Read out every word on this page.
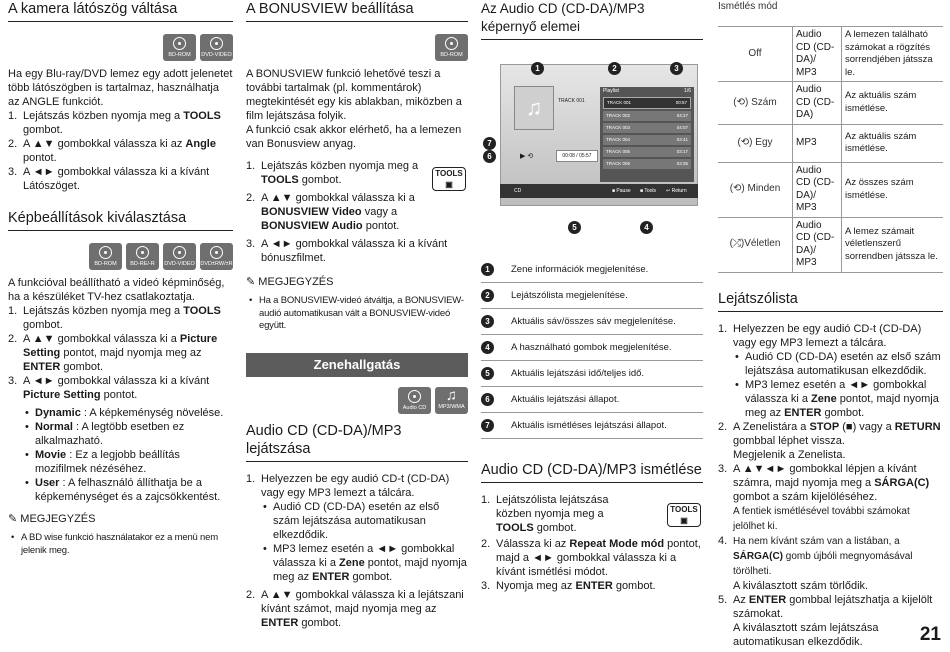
A kamera látószög váltása
BD-ROM DVD-VIDEO

Ha egy Blu-ray/DVD lemez egy adott jelenetet több látószögben is tartalmaz, használhatja az ANGLE funkciót.

1. Lejátszás közben nyomja meg a TOOLS gombot.
2. A ▲▼ gombokkal válassza ki az Angle pontot.
3. A ◄► gombokkal válassza ki a kívánt Látószöget.
Képbeállítások kiválasztása
BD-ROM BD-RE/-R DVD-VIDEO DVD±RW/±R

A funkcióval beállítható a videó képminőség, ha a készüléket TV-hez csatlakoztatja.

1. Lejátszás közben nyomja meg a TOOLS gombot.
2. A ▲▼ gombokkal válassza ki a Picture Setting pontot, majd nyomja meg az ENTER gombot.
3. A ◄► gombokkal válassza ki a kívánt Picture Setting pontot.
• Dynamic : A képkeménység növelése.
• Normal : A legtöbb esetben ez alkalmazható.
• Movie : Ez a legjobb beállítás mozifilmek nézéséhez.
• User : A felhasználó állíthatja be a képkeménységet és a zajcsökkentést.

✎ MEGJEGYZÉS

• A BD wise funkció használatakor ez a menü nem jelenik meg.
A BONUSVIEW beállítása
BD-ROM

A BONUSVIEW funkció lehetővé teszi a további tartalmak (pl. kommentárok) megtekintését egy kis ablakban, miközben a film lejátszása folyik.

A funkció csak akkor elérhető, ha a lemezen van Bonusview anyag.

1. Lejátszás közben nyomja meg a TOOLS gombot.
TOOLS
▣
2. A ▲▼ gombokkal válassza ki a BONUSVIEW Video vagy a BONUSVIEW Audio pontot.
3. A ◄► gombokkal válassza ki a kívánt bónuszfilmet.

✎ MEGJEGYZÉS

• Ha a BONUSVIEW-videó átváltja, a BONUSVIEW-audió automatikusan vált a BONUSVIEW-videó együtt.
Zenehallgatás
Audio CD
♫
MP3/WMA
Audio CD (CD-DA)/MP3 lejátszása
1. Helyezzen be egy audió CD-t (CD-DA) vagy egy MP3 lemezt a tálcára.
• Audió CD (CD-DA) esetén az első szám lejátszása automatikusan elkezdődik.
• MP3 lemez esetén a ◄► gombokkal válassza ki a Zene pontot, majd nyomja meg az ENTER gombot.
2. A ▲▼ gombokkal válassza ki a lejátszani kívánt számot, majd nyomja meg az ENTER gombot.
Az Audio CD (CD-DA)/MP3 képernyő elemei
♫	TRACK 001
▶ ⟲	00:08 / 05:57
Playlist	1/6
TRACK 001	00:57
TRACK 002	04:27
TRACK 003	04:07
TRACK 004	03:41
TRACK 005	03:17
TRACK 006	03:35
CD	■ Pause ■ Tools ↩ Return
1	2	3
4
5
6
7
1	Zene információk megjelenítése.
2	Lejátszólista megjelenítése.
3	Aktuális sáv/összes sáv megjelenítése.
4	A használható gombok megjelenítése.
5	Aktuális lejátszási idő/teljes idő.
6	Aktuális lejátszási állapot.
7	Aktuális ismétléses lejátszási állapot.
Audio CD (CD-DA)/MP3 ismétlése
1. Lejátszólista lejátszása közben nyomja meg a TOOLS gombot.
TOOLS
▣
2. Válassza ki az Repeat Mode mód pontot, majd a ◄► gombokkal válassza ki a kívánt ismétlési módot.
3. Nyomja meg az ENTER gombot.
Ismétlés mód
Off	Audio CD (CD-DA)/ MP3	A lemezen található számokat a rögzítés sorrendjében játssza le.
(⟲) Szám	Audio CD (CD-DA)	Az aktuális szám ismétlése.
(⟲) Egy	MP3	Az aktuális szám ismétlése.
(⟲) Minden	Audio CD (CD-DA)/ MP3	Az összes szám ismétlése.
(⤮)Véletlen	Audio CD (CD-DA)/ MP3	A lemez számait véletlenszerű sorrendben játssza le.
Lejátszólista
1. Helyezzen be egy audió CD-t (CD-DA) vagy egy MP3 lemezt a tálcára.
• Audió CD (CD-DA) esetén az első szám lejátszása automatikusan elkezdődik.
• MP3 lemez esetén a ◄► gombokkal válassza ki a Zene pontot, majd nyomja meg az ENTER gombot.
2. A Zenelistára a STOP (■) vagy a RETURN gombbal léphet vissza.
Megjelenik a Zenelista.
3. A ▲▼◄► gombokkal lépjen a kívánt számra, majd nyomja meg a SÁRGA(C) gombot a szám kijelöléséhez.
A fentiek ismétlésével további számokat jelölhet ki.
4. Ha nem kívánt szám van a listában, a SÁRGA(C) gomb újbóli megnyomásával törölheti.
A kiválasztott szám törlődik.
5. Az ENTER gombbal lejátszhatja a kijelölt számokat.
A kiválasztott szám lejátszása automatikusan elkezdődik.	21
